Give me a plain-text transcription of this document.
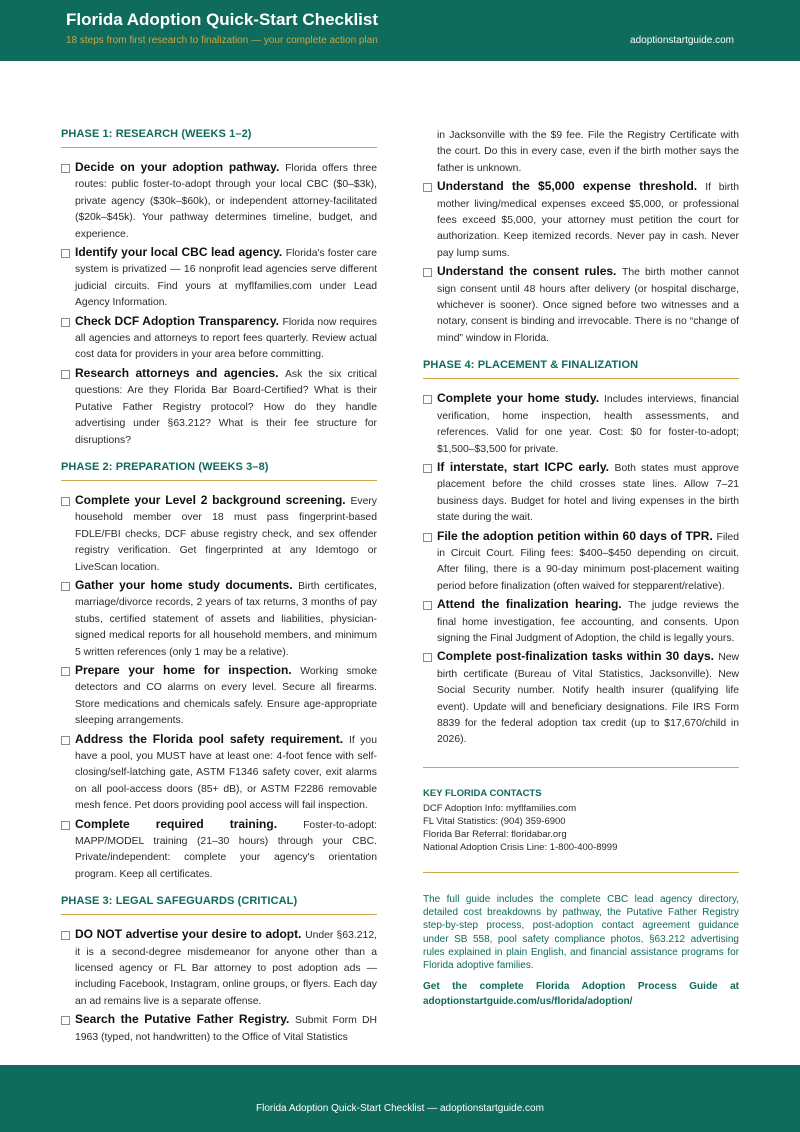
Florida Adoption Quick-Start Checklist
18 steps from first research to finalization — your complete action plan	adoptionstartguide.com
PHASE 1: RESEARCH (WEEKS 1–2)
Decide on your adoption pathway. Florida offers three routes: public foster-to-adopt through your local CBC ($0–$3k), private agency ($30k–$60k), or independent attorney-facilitated ($20k–$45k). Your pathway determines timeline, budget, and experience.
Identify your local CBC lead agency. Florida's foster care system is privatized — 16 nonprofit lead agencies serve different judicial circuits. Find yours at myflfamilies.com under Lead Agency Information.
Check DCF Adoption Transparency. Florida now requires all agencies and attorneys to report fees quarterly. Review actual cost data for providers in your area before committing.
Research attorneys and agencies. Ask the six critical questions: Are they Florida Bar Board-Certified? What is their Putative Father Registry protocol? How do they handle advertising under §63.212? What is their fee structure for disruptions?
PHASE 2: PREPARATION (WEEKS 3–8)
Complete your Level 2 background screening. Every household member over 18 must pass fingerprint-based FDLE/FBI checks, DCF abuse registry check, and sex offender registry verification. Get fingerprinted at any Idemtogo or LiveScan location.
Gather your home study documents. Birth certificates, marriage/divorce records, 2 years of tax returns, 3 months of pay stubs, certified statement of assets and liabilities, physician-signed medical reports for all household members, and minimum 5 written references (only 1 may be a relative).
Prepare your home for inspection. Working smoke detectors and CO alarms on every level. Secure all firearms. Store medications and chemicals safely. Ensure age-appropriate sleeping arrangements.
Address the Florida pool safety requirement. If you have a pool, you MUST have at least one: 4-foot fence with self-closing/self-latching gate, ASTM F1346 safety cover, exit alarms on all pool-access doors (85+ dB), or ASTM F2286 removable mesh fence. Pet doors providing pool access will fail inspection.
Complete required training. Foster-to-adopt: MAPP/MODEL training (21–30 hours) through your CBC. Private/independent: complete your agency's orientation program. Keep all certificates.
PHASE 3: LEGAL SAFEGUARDS (CRITICAL)
DO NOT advertise your desire to adopt. Under §63.212, it is a second-degree misdemeanor for anyone other than a licensed agency or FL Bar attorney to post adoption ads — including Facebook, Instagram, online groups, or flyers. Each day an ad remains live is a separate offense.
Search the Putative Father Registry. Submit Form DH 1963 (typed, not handwritten) to the Office of Vital Statistics
in Jacksonville with the $9 fee. File the Registry Certificate with the court. Do this in every case, even if the birth mother says the father is unknown.
Understand the $5,000 expense threshold. If birth mother living/medical expenses exceed $5,000, or professional fees exceed $5,000, your attorney must petition the court for authorization. Keep itemized records. Never pay in cash. Never pay lump sums.
Understand the consent rules. The birth mother cannot sign consent until 48 hours after delivery (or hospital discharge, whichever is sooner). Once signed before two witnesses and a notary, consent is binding and irrevocable. There is no “change of mind” window in Florida.
PHASE 4: PLACEMENT & FINALIZATION
Complete your home study. Includes interviews, financial verification, home inspection, health assessments, and references. Valid for one year. Cost: $0 for foster-to-adopt; $1,500–$3,500 for private.
If interstate, start ICPC early. Both states must approve placement before the child crosses state lines. Allow 7–21 business days. Budget for hotel and living expenses in the birth state during the wait.
File the adoption petition within 60 days of TPR. Filed in Circuit Court. Filing fees: $400–$450 depending on circuit. After filing, there is a 90-day minimum post-placement waiting period before finalization (often waived for stepparent/relative).
Attend the finalization hearing. The judge reviews the final home investigation, fee accounting, and consents. Upon signing the Final Judgment of Adoption, the child is legally yours.
Complete post-finalization tasks within 30 days. New birth certificate (Bureau of Vital Statistics, Jacksonville). New Social Security number. Notify health insurer (qualifying life event). Update will and beneficiary designations. File IRS Form 8839 for the federal adoption tax credit (up to $17,670/child in 2026).
KEY FLORIDA CONTACTS
DCF Adoption Info: myflfamilies.com
FL Vital Statistics: (904) 359-6900
Florida Bar Referral: floridabar.org
National Adoption Crisis Line: 1-800-400-8999
The full guide includes the complete CBC lead agency directory, detailed cost breakdowns by pathway, the Putative Father Registry step-by-step process, post-adoption contact agreement guidance under SB 558, pool safety compliance photos, §63.212 advertising rules explained in plain English, and financial assistance programs for Florida adoptive families.
Get the complete Florida Adoption Process Guide at adoptionstartguide.com/us/florida/adoption/
Florida Adoption Quick-Start Checklist — adoptionstartguide.com
